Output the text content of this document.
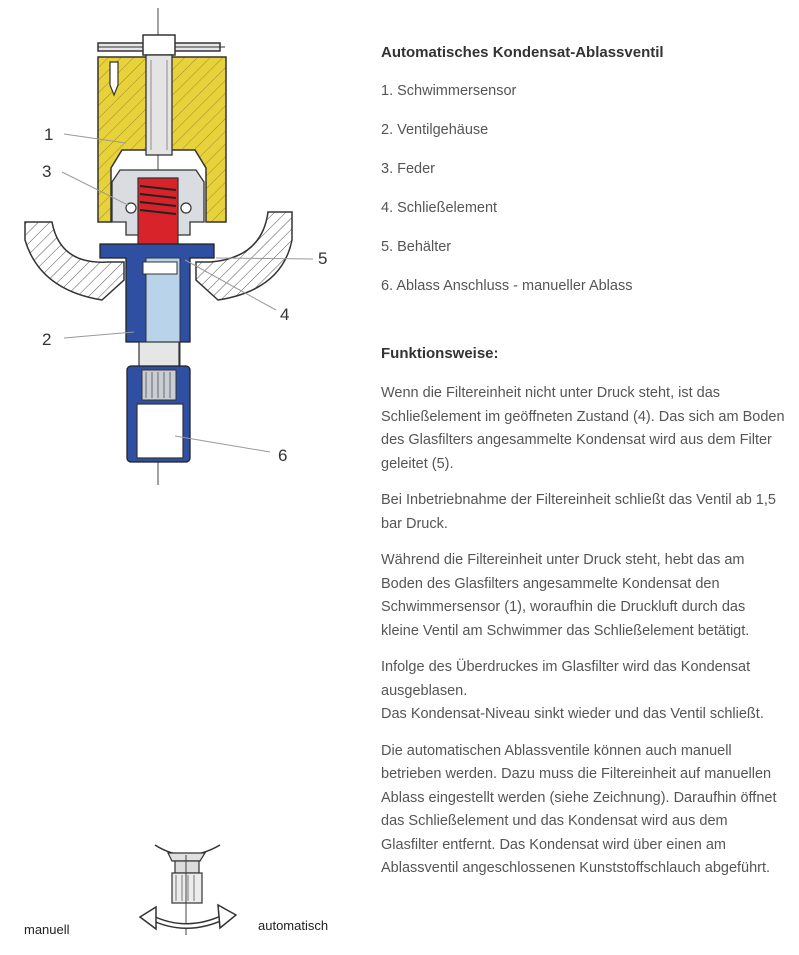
1
3
2
5
4
6
manuell	automatisch
Automatisches Kondensat-Ablassventil
1. Schwimmersensor
2. Ventilgehäuse
3. Feder
4. Schließelement
5. Behälter
6. Ablass Anschluss - manueller Ablass
Funktionsweise:
Wenn die Filtereinheit nicht unter Druck steht, ist das Schließelement im geöffneten Zustand (4). Das sich am Boden des Glasfilters angesammelte Kondensat wird aus dem Filter geleitet (5).
Bei Inbetriebnahme der Filtereinheit schließt das Ventil ab 1,5 bar Druck.
Während die Filtereinheit unter Druck steht, hebt das am Boden des Glasfilters angesammelte Kondensat den Schwimmersensor (1), woraufhin die Druckluft durch das kleine Ventil am Schwimmer das Schließelement betätigt.
Infolge des Überdruckes im Glasfilter wird das Kondensat ausgeblasen.
Das Kondensat-Niveau sinkt wieder und das Ventil schließt.
Die automatischen Ablassventile können auch manuell betrieben werden. Dazu muss die Filtereinheit auf manuellen Ablass eingestellt werden (siehe Zeichnung). Daraufhin öffnet das Schließelement und das Kondensat wird aus dem Glasfilter entfernt. Das Kondensat wird über einen am Ablassventil angeschlossenen Kunststoffschlauch abgeführt.
